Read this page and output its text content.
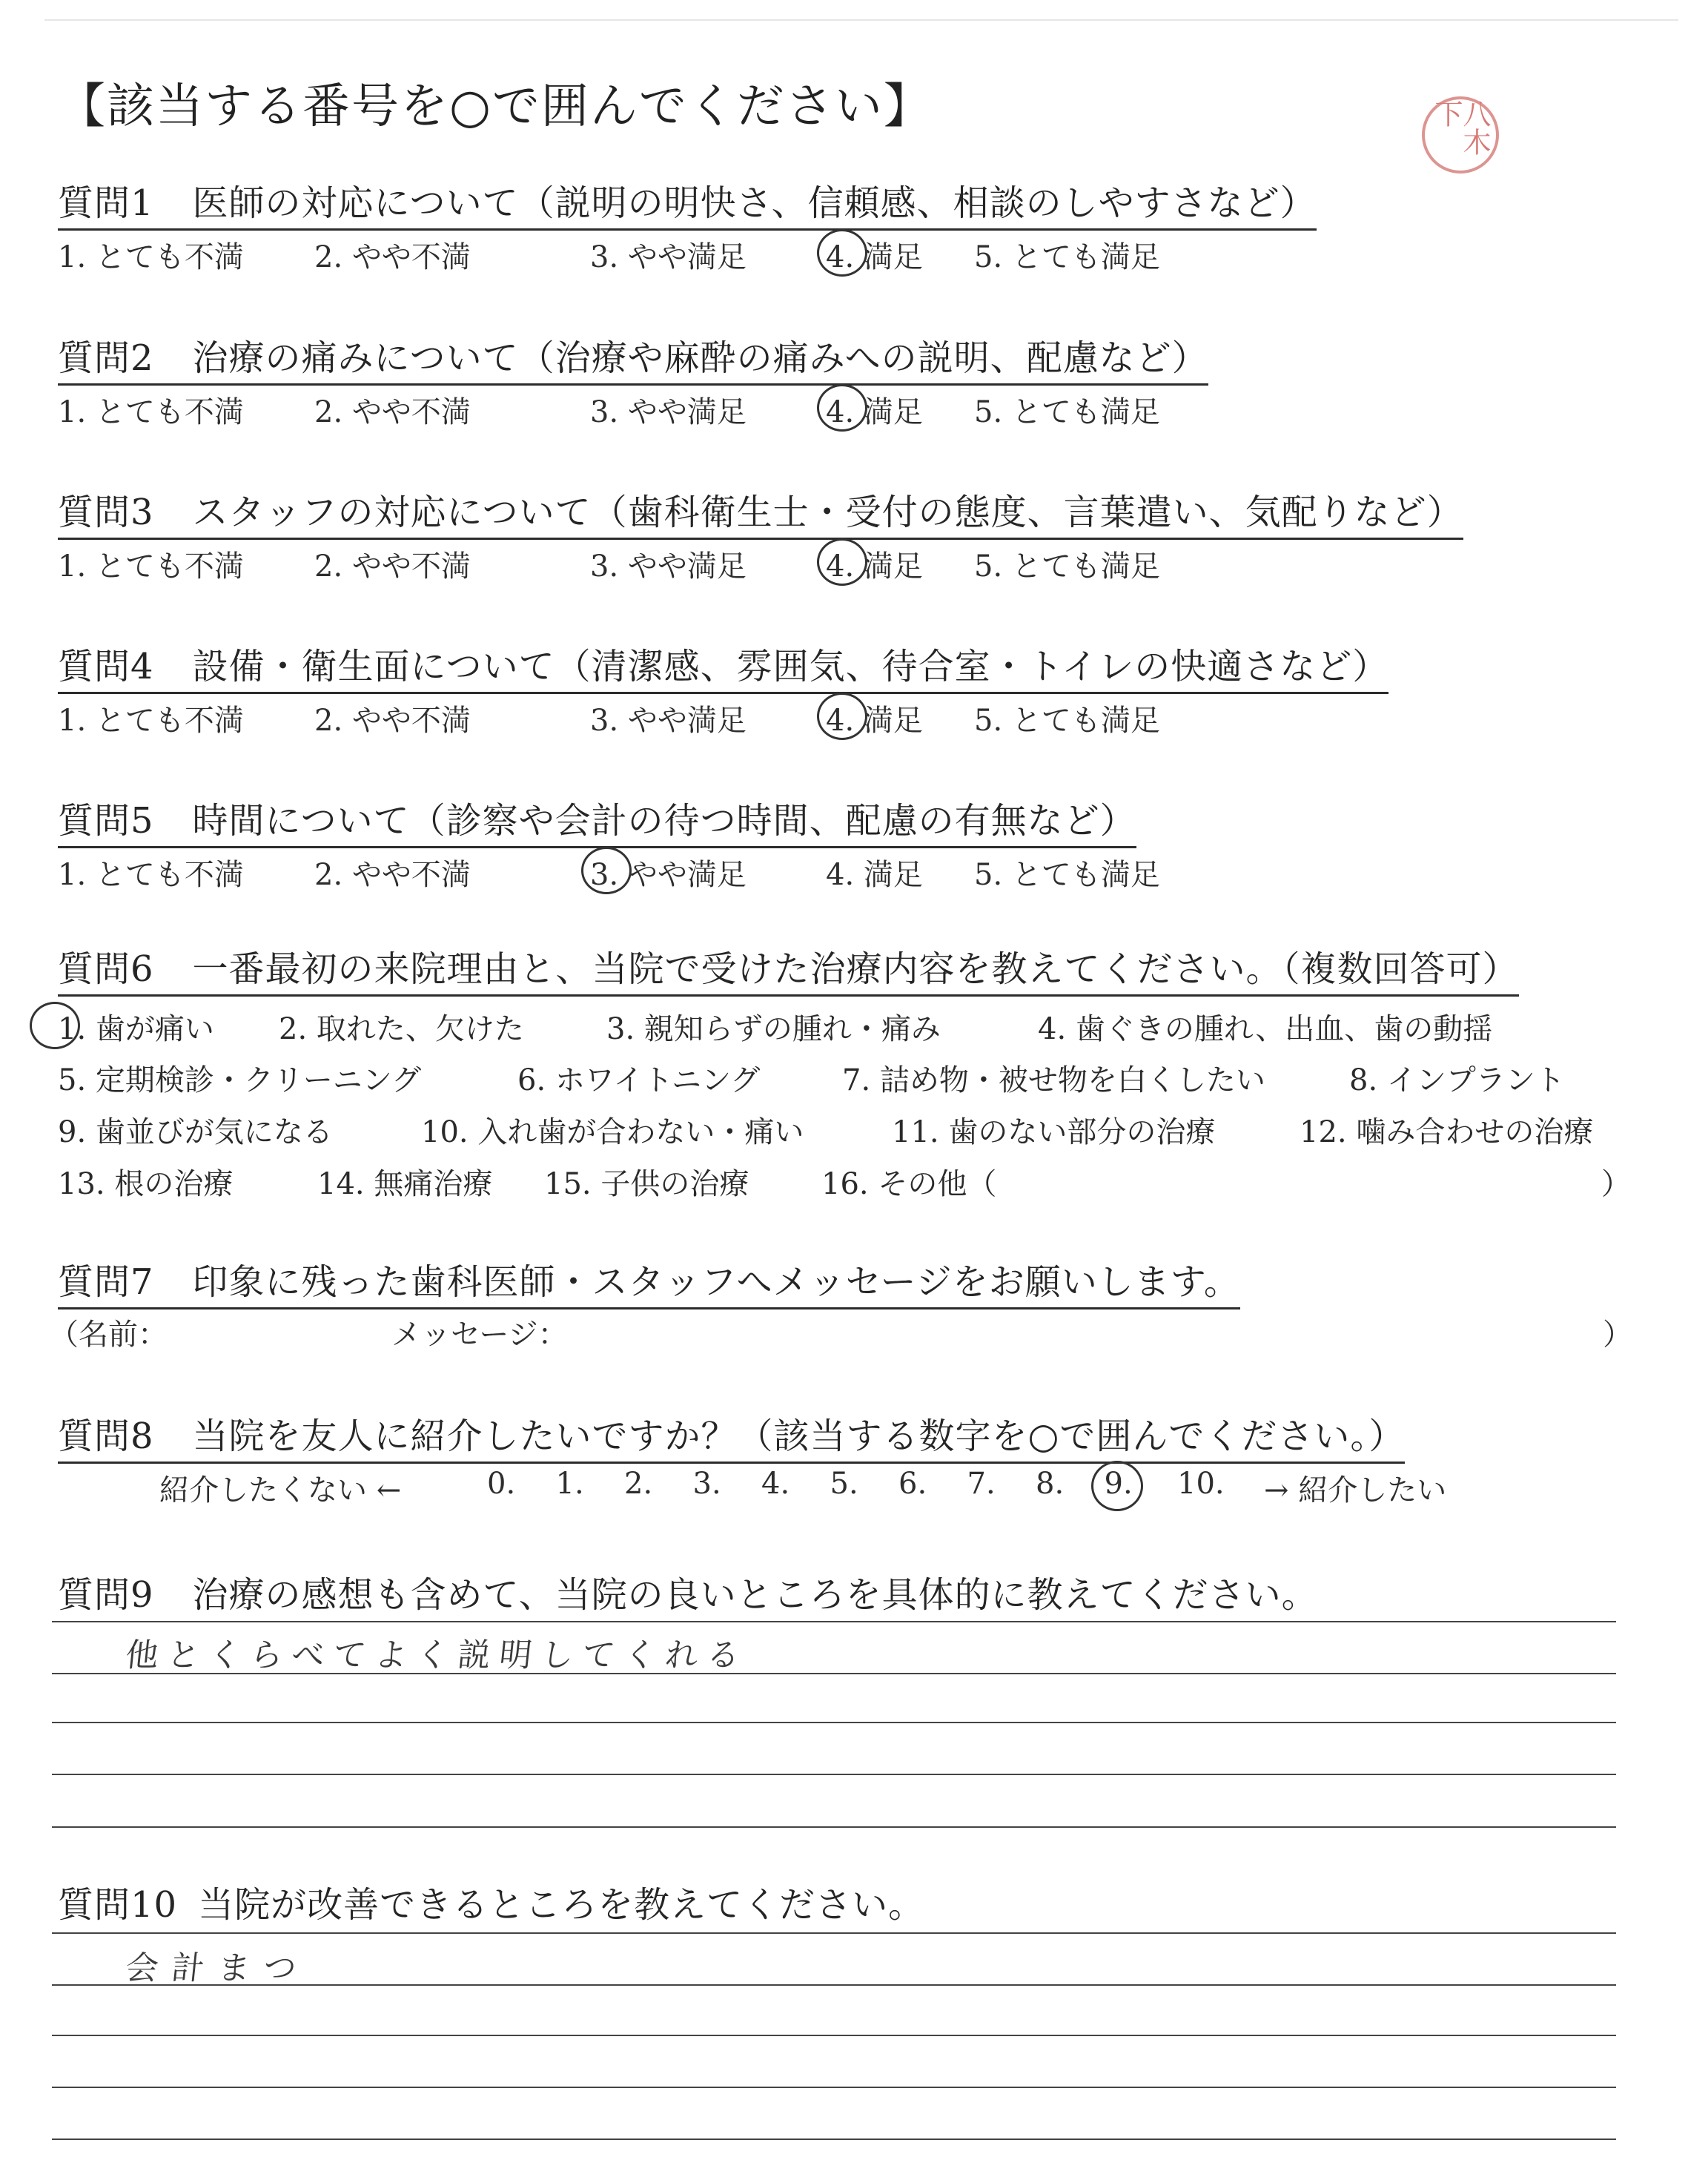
【該当する番号を○で囲んでください】	八木下
質問1 医師の対応について（説明の明快さ、信頼感、相談のしやすさなど）
1. とても不満 2. やや不満	3. やや満足	4. 満足 5. とても満足
質問2 治療の痛みについて（治療や麻酔の痛みへの説明、配慮など）
1. とても不満 2. やや不満	3. やや満足	4. 満足 5. とても満足
質問3 スタッフの対応について（歯科衛生士・受付の態度、言葉遣い、気配りなど）
1. とても不満 2. やや不満	3. やや満足	4. 満足 5. とても満足
質問4 設備・衛生面について（清潔感、雰囲気、待合室・トイレの快適さなど）
1. とても不満 2. やや不満	3. やや満足	4. 満足 5. とても満足
質問5 時間について（診察や会計の待つ時間、配慮の有無など）
1. とても不満 2. やや不満	3. やや満足	4. 満足 5. とても満足
質問6 一番最初の来院理由と、当院で受けた治療内容を教えてください。（複数回答可）
1. 歯が痛い 2. 取れた、欠けた	3. 親知らずの腫れ・痛み	4. 歯ぐきの腫れ、出血、歯の動揺
5. 定期検診・クリーニング	6. ホワイトニング	7. 詰め物・被せ物を白くしたい	8. インプラント
9. 歯並びが気になる	10. 入れ歯が合わない・痛い	11. 歯のない部分の治療	12. 噛み合わせの治療
13. 根の治療	14. 無痛治療 15. 子供の治療 16. その他（	）
質問7 印象に残った歯科医師・スタッフへメッセージをお願いします。
（名前：	メッセージ：	）
質問8 当院を友人に紹介したいですか？（該当する数字を○で囲んでください。）
紹介したくない ←	0. 1. 2. 3. 4. 5. 6. 7. 8. 9. 10. → 紹介したい
質問9 治療の感想も含めて、当院の良いところを具体的に教えてください。
他とくらべてよく説明してくれる
質問10 当院が改善できるところを教えてください。
会計まつ
